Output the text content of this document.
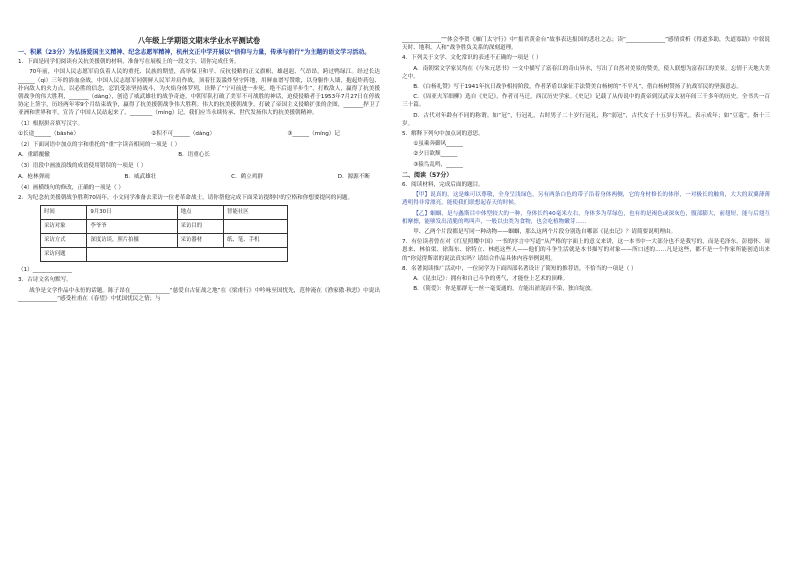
八年级上学期语文期末学业水平测试卷
一、积累（23分）为弘扬爱国主义精神、纪念志愿军精神，杭州文正中学开展以“信仰与力量，传承与前行”为主题的语文学习活动。

1．下面是同学们阅读有关抗美援朝的材料，准备写在展板上的一段文字，请你完成任务。

70年前，中国人民志愿军肩负着人民的重托、民族的期望，高举保卫和平、反抗侵略的正义旗帜，雄赳赳、气昂昂，跨过鸭绿江。经过长达______（qì）三年的浴血奋战，中国人民志愿军同朝鲜人民军并肩作战，顶着狂轰滥炸坚守阵地，用鲜血谱写赞歌，以身躯作人墙，抱起炸药包、扑向敌人的火力点，以必胜的信念，忍饥受冻坚持战斗，为火焰身体罗列，诠释了“宁可前进一步死，绝不后退半步生”，打败敌人，赢得了抗美援朝战争的伟大胜利，_______（dàng），创造了威武雄壮的战争奇迹。中朝军队打破了美军不可战胜的神话，迫使侵略者于1953年7月27日在停战协定上签字，历经两年零9个月结束战争，赢得了抗美援朝战争伟大胜利。伟大的抗美援朝战争，打破了帝国主义侵略扩张的企图，_______捍卫了亚洲和世界和平，宣告了中国人民站起来了，________（míng）记，我们应当永续传承、世代发扬伟大的抗美援朝精神。

（1）根据拼音填写汉字。

①长途______（bāshè）	②积不可______（dàng）	③______（míng）记

（2）下面词语中加点的字和重托的“重”字读音相同的一项是（ ）

A．重蹈覆辙	B．语重心长

（3）语段中画波浪线的成语使用错误的一项是（ ）

A．枪林弹雨	B．威武雄壮	C．鹤立鸡群	D．源源不断

（4）画横线句的修改，正确的一项是（ ）

2．为纪念抗美援朝战争胜利70周年，小文同学准备去采访一位老革命战士，请你帮他完成下面采访提纲中的空格和你想要提问的问题。

时间	9月30日	地点	智能社区
采访对象	李爷爷	采访目的	
采访方式	深度访谈，照片拍摄	采访器材	纸、笔、手机
采访问题			

（1）______________

3．古诗文名句默写。

战争是文学作品中永恒的话题。陈子昂在______________“慈爱自古征战之地”在《梁甫行》中吟咏至国忧先，范仲淹在《渔家傲·秋思》中说出______________“感受杜甫在《春望》中忧国忧民之情；与

______________“”体会李贺《雁门太守行》中“报君黄金台”故事表达报国的悲壮之志；读“______________”感情赏析《得道多助，失道寡助》中叙说天时、地利、人和”战争胜负关系的深刻道理。

4．下列关于文学、文化常识的表述不正确的一项是（ ）

A．南朝梁文学家吴均在《与朱元思书》一文中描写了富春江的奇山异水，写出了自然对美景的赞美，使人联想为富春江的美景，忘情于天地大美之中。

B．《白杨礼赞》写于1941年抗日战争相持阶段，作者茅盾以象征手法赞美白杨树的“不平凡”，借白杨树赞扬了抗战军民的坚强意志。

C．《周亚夫军细柳》选自《史记》，作者司马迁，西汉历史学家。《史记》记载了从传说中的黄帝到汉武帝太初年间三千多年的历史，全书共一百三十篇。

D．古代对年龄有不同的称谓。如“冠”，行冠礼，古时男子二十岁行冠礼，称“弱冠”，古代女子十五岁行笄礼，表示成年；如“豆蔻”，指十三岁。

5．解释下列句中加点词的意思。

①虽乘奔御风______

②夕日欲颓______

③猿鸟乱鸣，______

二、阅读（57分）

6．阅读材料，完成后面的题目。

【甲】说真的，这是蛛可以尊敬，全身呈浅绿色，另有两条白色的带子沿着身体两侧，它的身材修长的体形，一对极长的触角，大大的双翼薄薄透明得非常漂亮，能使我们联想起春天的时候。

【乙】蝈蝈，是与螽斯目中体型较大的一种，身体长约40毫米左右，身体多为草绿色，也有的是褐色或深灰色，腹部膨大，前翅短，能与后翅互相摩擦，能够发出清脆的鸣叫声，一般以虫类为食物，也会吃植物嫩芽……

甲、乙两个片段都是写同一种动物——蝈蝈，那么这两个片段分别选自哪部《昆虫记》？请简要说明理由。

7．有位读者曾在对《红星照耀中国》一书的序言中写道“从严格的字面上的意义来讲，这一本书中一大部分也不是我写的，而是毛泽东、彭德怀、周恩来、林伯渠、徐海东、徐特立、林彪这些人——他们的斗争生活就是本书描写的对象——所口述的……凡是这些，都不是一个作家所能创造出来的”你觉得斯诺的说法真实吗？请结合作品具体内容举例说明。

8．名著阅读推广活动中，一位同学为下面四部名著设计了简短的推荐语，不恰当的一项是（ ）

A．《昆虫记》：拥有和自己斗争的勇气，才能登上艺术的顶峰。

B．《简爱》：你是那群无一丝一毫变通的，方能出淤泥而不染，独自绽放。
